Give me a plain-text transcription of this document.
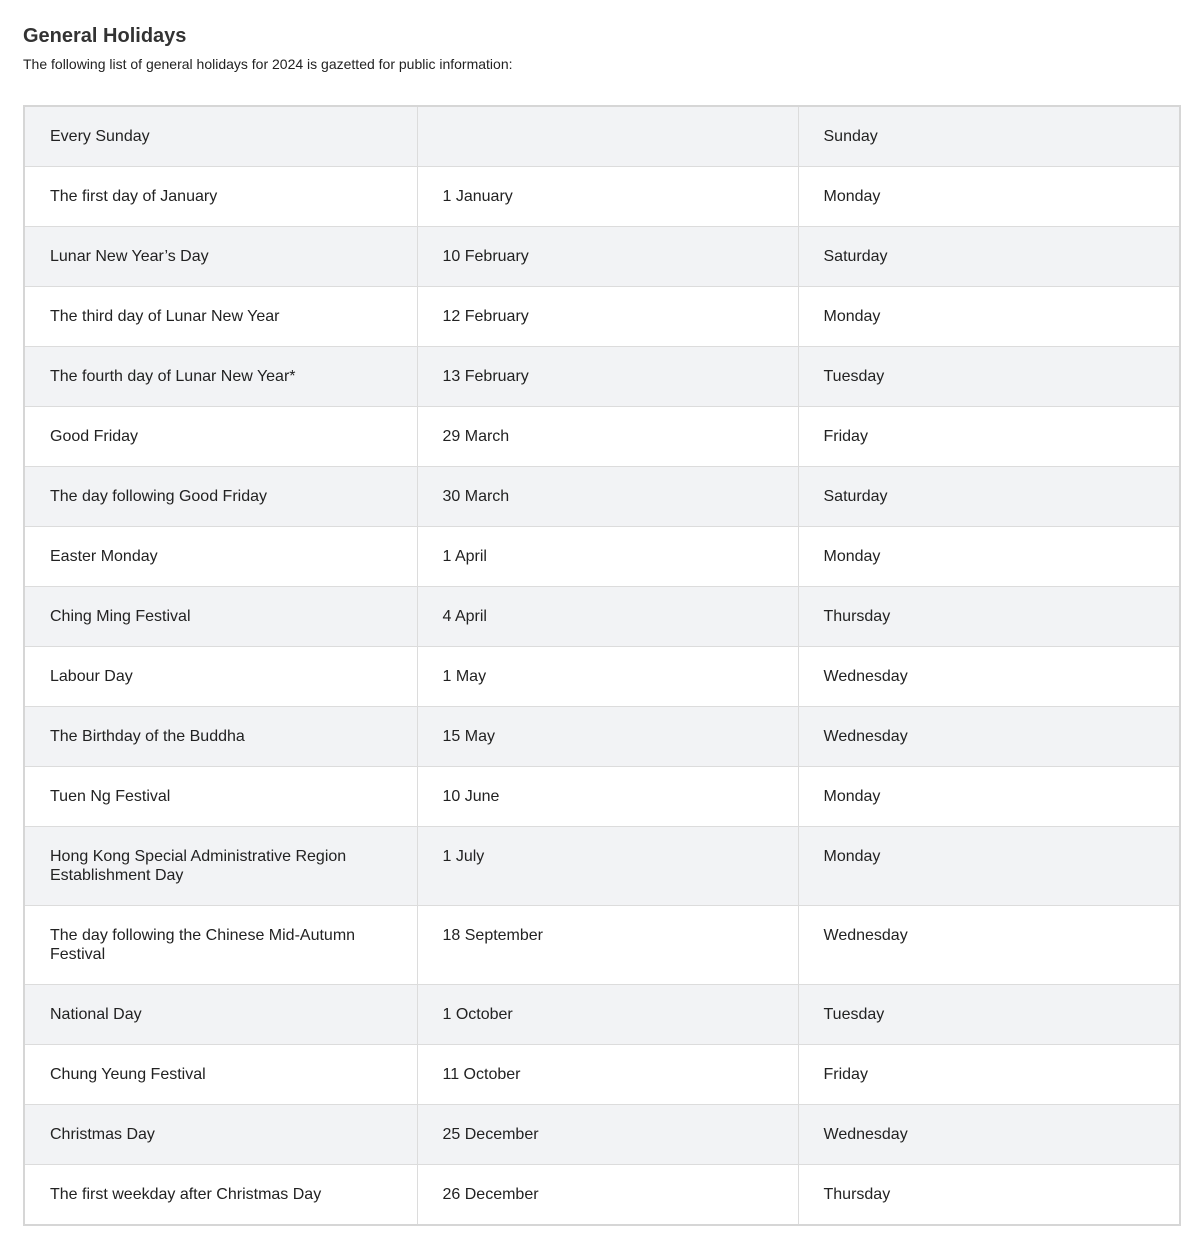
General Holidays

The following list of general holidays for 2024 is gazetted for public information:

Every Sunday		Sunday
The first day of January	1 January	Monday
Lunar New Year’s Day	10 February	Saturday
The third day of Lunar New Year	12 February	Monday
The fourth day of Lunar New Year*	13 February	Tuesday
Good Friday	29 March	Friday
The day following Good Friday	30 March	Saturday
Easter Monday	1 April	Monday
Ching Ming Festival	4 April	Thursday
Labour Day	1 May	Wednesday
The Birthday of the Buddha	15 May	Wednesday
Tuen Ng Festival	10 June	Monday
Hong Kong Special Administrative Region Establishment Day	1 July	Monday
The day following the Chinese Mid-Autumn Festival	18 September	Wednesday
National Day	1 October	Tuesday
Chung Yeung Festival	11 October	Friday
Christmas Day	25 December	Wednesday
The first weekday after Christmas Day	26 December	Thursday
